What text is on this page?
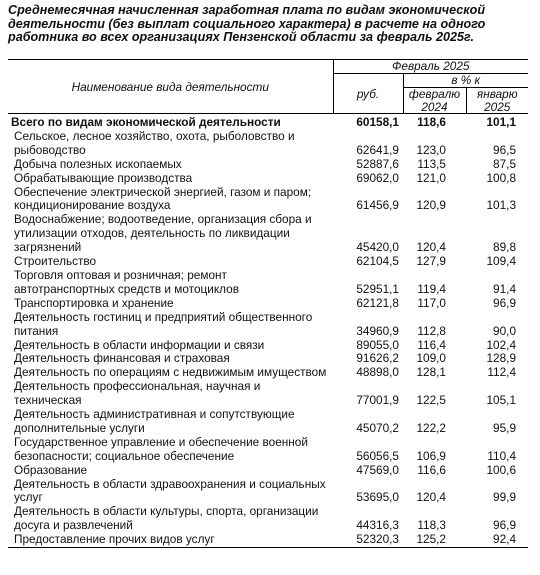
Среднемесячная начисленная заработная плата по видам экономической деятельности (без выплат социального характера) в расчете на одного работника во всех организациях Пензенской области за февраль 2025г.
Наименование вида деятельности	Февраль 2025		
	руб.	в % к	
		февралю	январю
		2024	2025
Всего по видам экономической деятельности	60158,1	118,6	101,1
Сельское, лесное хозяйство, охота, рыболовство и рыбоводство	62641,9	123,0	96,5
Добыча полезных ископаемых	52887,6	113,5	87,5
Обрабатывающие производства	69062,0	121,0	100,8
Обеспечение электрической энергией, газом и паром; кондиционирование воздуха	61456,9	120,9	101,3
Водоснабжение; водоотведение, организация сбора и утилизации отходов, деятельность по ликвидации загрязнений	45420,0	120,4	89,8
Строительство	62104,5	127,9	109,4
Торговля оптовая и розничная; ремонт автотранспортных средств и мотоциклов	52951,1	119,4	91,4
Транспортировка и хранение	62121,8	117,0	96,9
Деятельность гостиниц и предприятий общественного питания	34960,9	112,8	90,0
Деятельность в области информации и связи	89055,0	116,4	102,4
Деятельность финансовая и страховая	91626,2	109,0	128,9
Деятельность по операциям с недвижимым имуществом	48898,0	128,1	112,4
Деятельность профессиональная, научная и техническая	77001,9	122,5	105,1
Деятельность административная и сопутствующие дополнительные услуги	45070,2	122,2	95,9
Государственное управление и обеспечение военной безопасности; социальное обеспечение	56056,5	106,9	110,4
Образование	47569,0	116,6	100,6
Деятельность в области здравоохранения и социальных услуг	53695,0	120,4	99,9
Деятельность в области культуры, спорта, организации досуга и развлечений	44316,3	118,3	96,9
Предоставление прочих видов услуг	52320,3	125,2	92,4
